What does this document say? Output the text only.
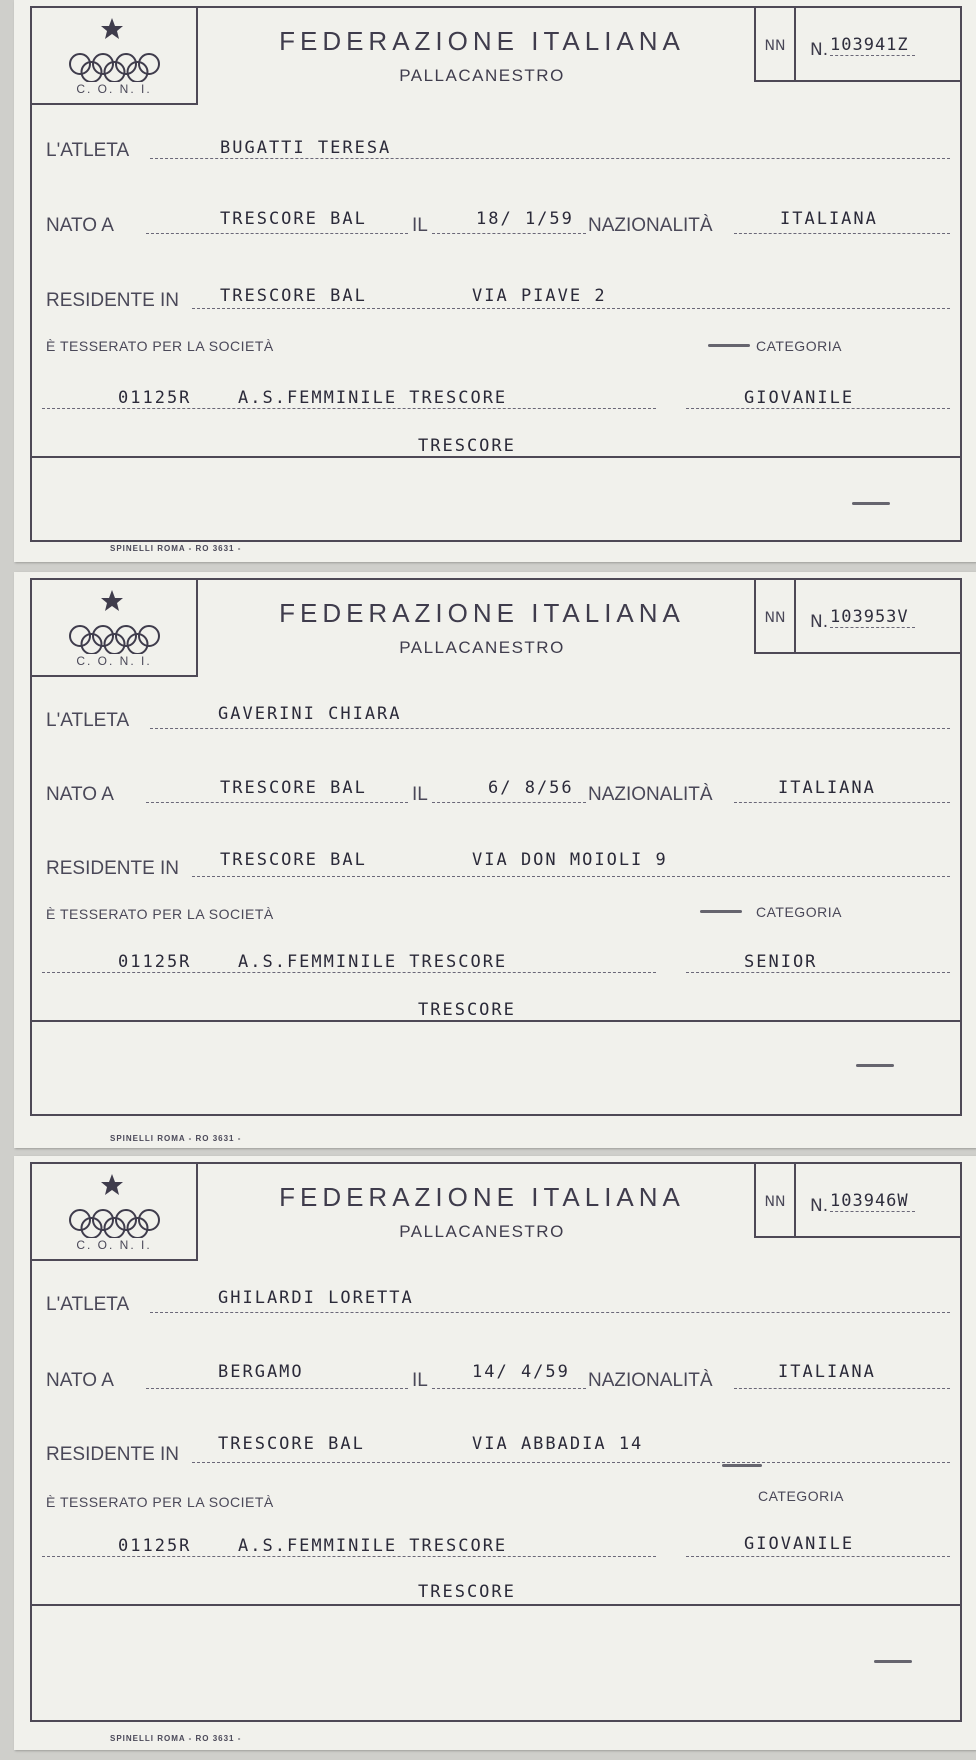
C. O. N. I.
FEDERAZIONE ITALIANA
PALLACANESTRO
NN	N. 103941Z
L'ATLETA	BUGATTI TERESA
NATO A	TRESCORE BAL IL	18/ 1/59 NAZIONALITÀ	ITALIANA
RESIDENTE IN TRESCORE BAL	VIA PIAVE 2
È TESSERATO PER LA SOCIETÀ	CATEGORIA
01125R	A.S.FEMMINILE TRESCORE	GIOVANILE
TRESCORE
SPINELLI ROMA - RO 3631 -
C. O. N. I.
FEDERAZIONE ITALIANA
PALLACANESTRO
NN	N. 103953V
L'ATLETA	GAVERINI CHIARA
NATO A	TRESCORE BAL IL	6/ 8/56 NAZIONALITÀ	ITALIANA
RESIDENTE IN TRESCORE BAL	VIA DON MOIOLI 9
È TESSERATO PER LA SOCIETÀ	CATEGORIA
01125R	A.S.FEMMINILE TRESCORE	SENIOR
TRESCORE
SPINELLI ROMA - RO 3631 -
C. O. N. I.
FEDERAZIONE ITALIANA
PALLACANESTRO
NN	N. 103946W
L'ATLETA	GHILARDI LORETTA
NATO A	BERGAMO	IL	14/ 4/59 NAZIONALITÀ	ITALIANA
RESIDENTE IN TRESCORE BAL	VIA ABBADIA 14
È TESSERATO PER LA SOCIETÀ	CATEGORIA
01125R	A.S.FEMMINILE TRESCORE	GIOVANILE
TRESCORE
SPINELLI ROMA - RO 3631 -
